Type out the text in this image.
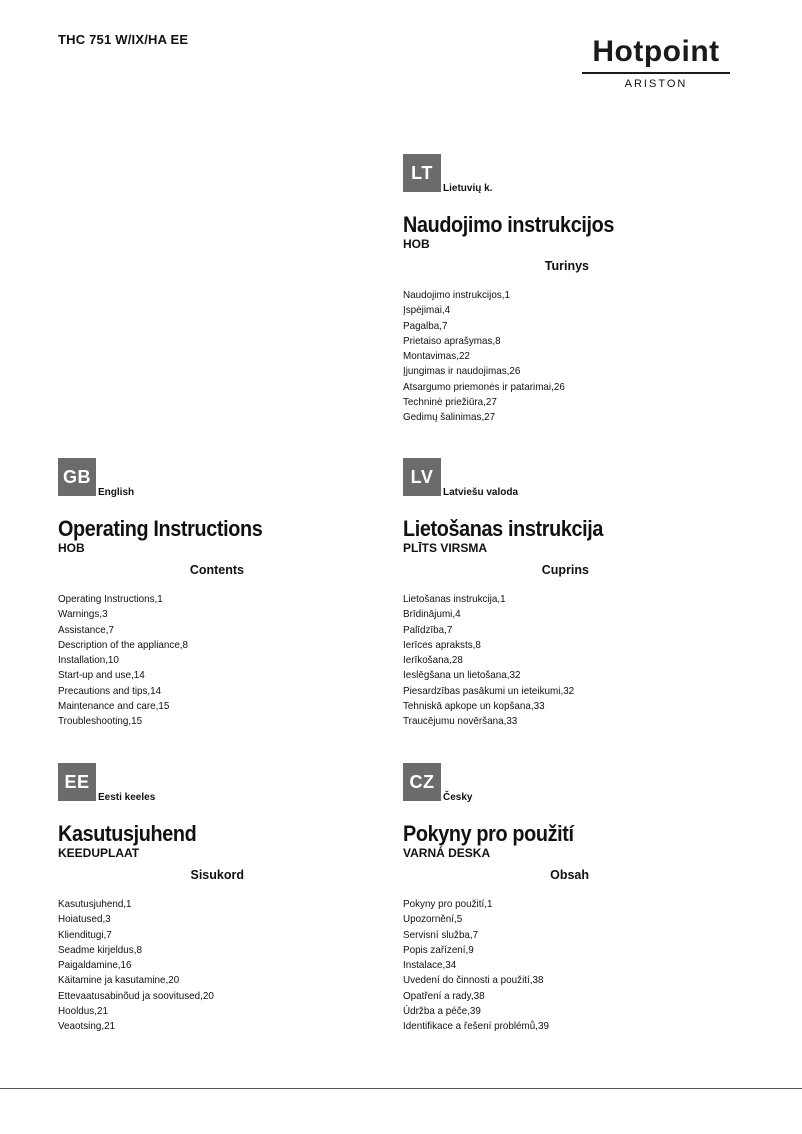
THC 751 W/IX/HA EE	Hotpoint
ARISTON
LT
Lietuvių k.
Naudojimo instrukcijos
HOB
Turinys
Naudojimo instrukcijos,1
Įspėjimai,4
Pagalba,7
Prietaiso aprašymas,8
Montavimas,22
Įjungimas ir naudojimas,26
Atsargumo priemonės ir patarimai,26
Techninė priežiūra,27
Gedimų šalinimas,27
GB
English
Operating Instructions
HOB
Contents
Operating Instructions,1
Warnings,3
Assistance,7
Description of the appliance,8
Installation,10
Start-up and use,14
Precautions and tips,14
Maintenance and care,15
Troubleshooting,15
LV
Latviešu valoda
Lietošanas instrukcija
PLĪTS VIRSMA
Cuprins
Lietošanas instrukcija,1
Brīdinājumi,4
Palīdzība,7
Ierīces apraksts,8
Ierīkošana,28
Ieslēgšana un lietošana,32
Piesardzības pasākumi un ieteikumi,32
Tehniskā apkope un kopšana,33
Traucējumu novēršana,33
EE
Eesti keeles
Kasutusjuhend
KEEDUPLAAT
Sisukord
Kasutusjuhend,1
Hoiatused,3
Klienditugi,7
Seadme kirjeldus,8
Paigaldamine,16
Käitamine ja kasutamine,20
Ettevaatusabinõud ja soovitused,20
Hooldus,21
Veaotsing,21
CZ
Česky
Pokyny pro použití
VARNÁ DESKA
Obsah
Pokyny pro použití,1
Upozornění,5
Servisní služba,7
Popis zařízení,9
Instalace,34
Uvedení do činnosti a použití,38
Opatření a rady,38
Údržba a péče,39
Identifikace a řešení problémů,39
